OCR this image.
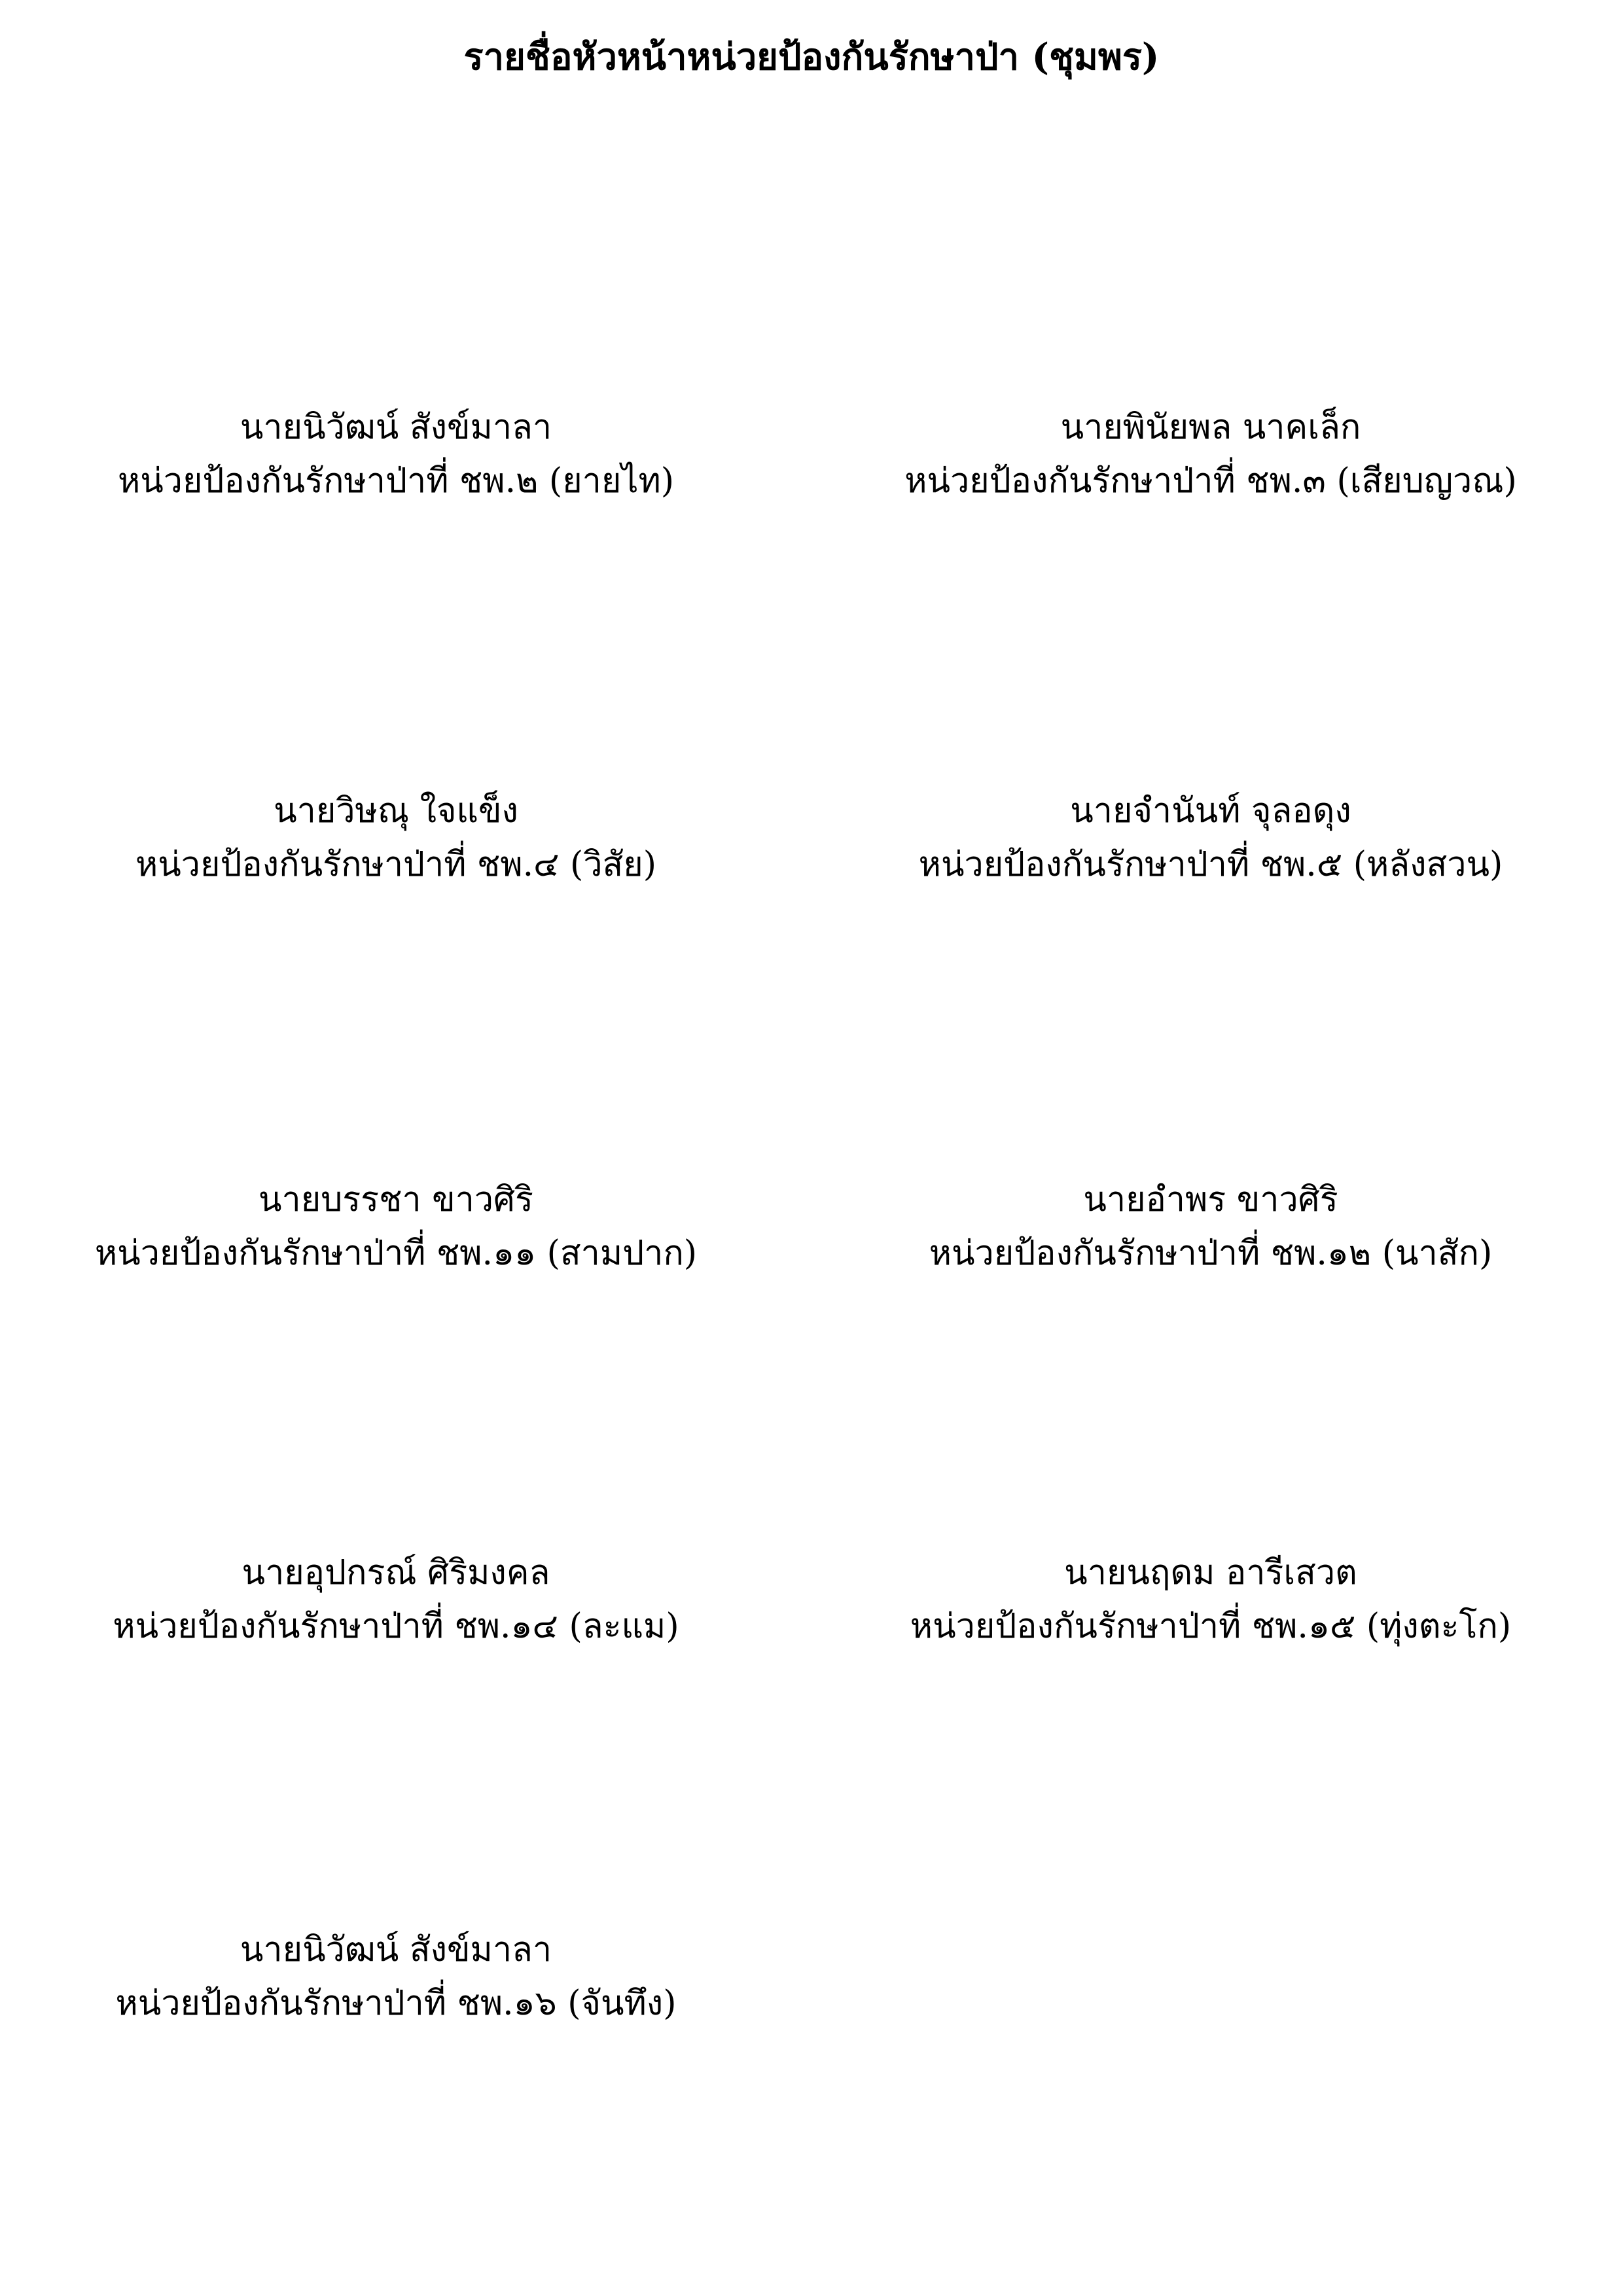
รายชื่อหัวหน้าหน่วยป้องกันรักษาป่า (ชุมพร)
นายนิวัฒน์ สังข์มาลา
หน่วยป้องกันรักษาป่าที่ ชพ.๒ (ยายไท)
นายพินัยพล นาคเล็ก
หน่วยป้องกันรักษาป่าที่ ชพ.๓ (เสียบญวณ)
นายวิษณุ ใจแข็ง
หน่วยป้องกันรักษาป่าที่ ชพ.๔ (วิสัย)
นายจำนันท์ จุลอดุง
หน่วยป้องกันรักษาป่าที่ ชพ.๕ (หลังสวน)
นายบรรชา ขาวศิริ
หน่วยป้องกันรักษาป่าที่ ชพ.๑๑ (สามปาก)
นายอำพร ขาวศิริ
หน่วยป้องกันรักษาป่าที่ ชพ.๑๒ (นาสัก)
นายอุปกรณ์ ศิริมงคล
หน่วยป้องกันรักษาป่าที่ ชพ.๑๔ (ละแม)
นายนฤดม อารีเสวต
หน่วยป้องกันรักษาป่าที่ ชพ.๑๕ (ทุ่งตะโก)
นายนิวัฒน์ สังข์มาลา
หน่วยป้องกันรักษาป่าที่ ชพ.๑๖ (จันทึง)
